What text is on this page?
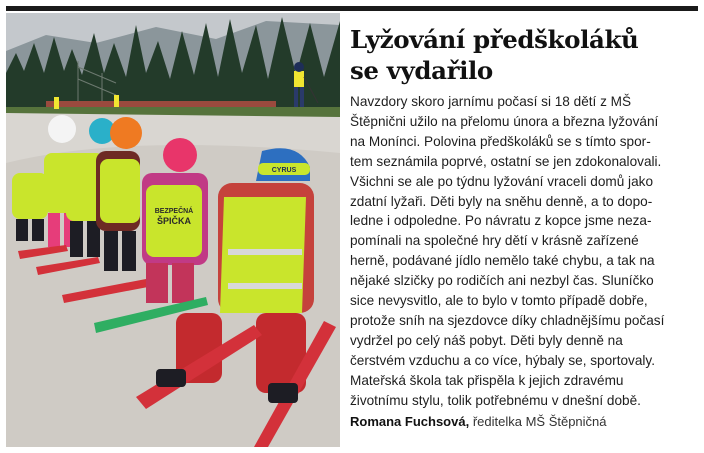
BEZPEČNÁ
ŠPIČKA
CYRUS
Lyžování předškoláků
se vydařilo
Navzdory skoro jarnímu počasí si 18 dětí z MŠ
Štěpnični užilo na přelomu února a března lyžování
na Monínci. Polovina předškoláků se s tímto spor-
tem seznámila poprvé, ostatní se jen zdokonalovali.
Všichni se ale po týdnu lyžování vraceli domů jako
zdatní lyžaři. Děti byly na sněhu denně, a to dopo-
ledne i odpoledne. Po návratu z kopce jsme neza-
pomínali na společné hry dětí v krásně zařízené
herně, podávané jídlo nemělo také chybu, a tak na
nějaké slzičky po rodičích ani nezbyl čas. Sluníčko
sice nevysvitlo, ale to bylo v tomto případě dobře,
protože sníh na sjezdovce díky chladnějšímu počasí
vydržel po celý náš pobyt. Děti byly denně na
čerstvém vzduchu a co více, hýbaly se, sportovaly.
Mateřská škola tak přispěla k jejich zdravému
životnímu stylu, tolik potřebnému v dnešní době.
Romana Fuchsová, ředitelka MŠ Štěpničná
